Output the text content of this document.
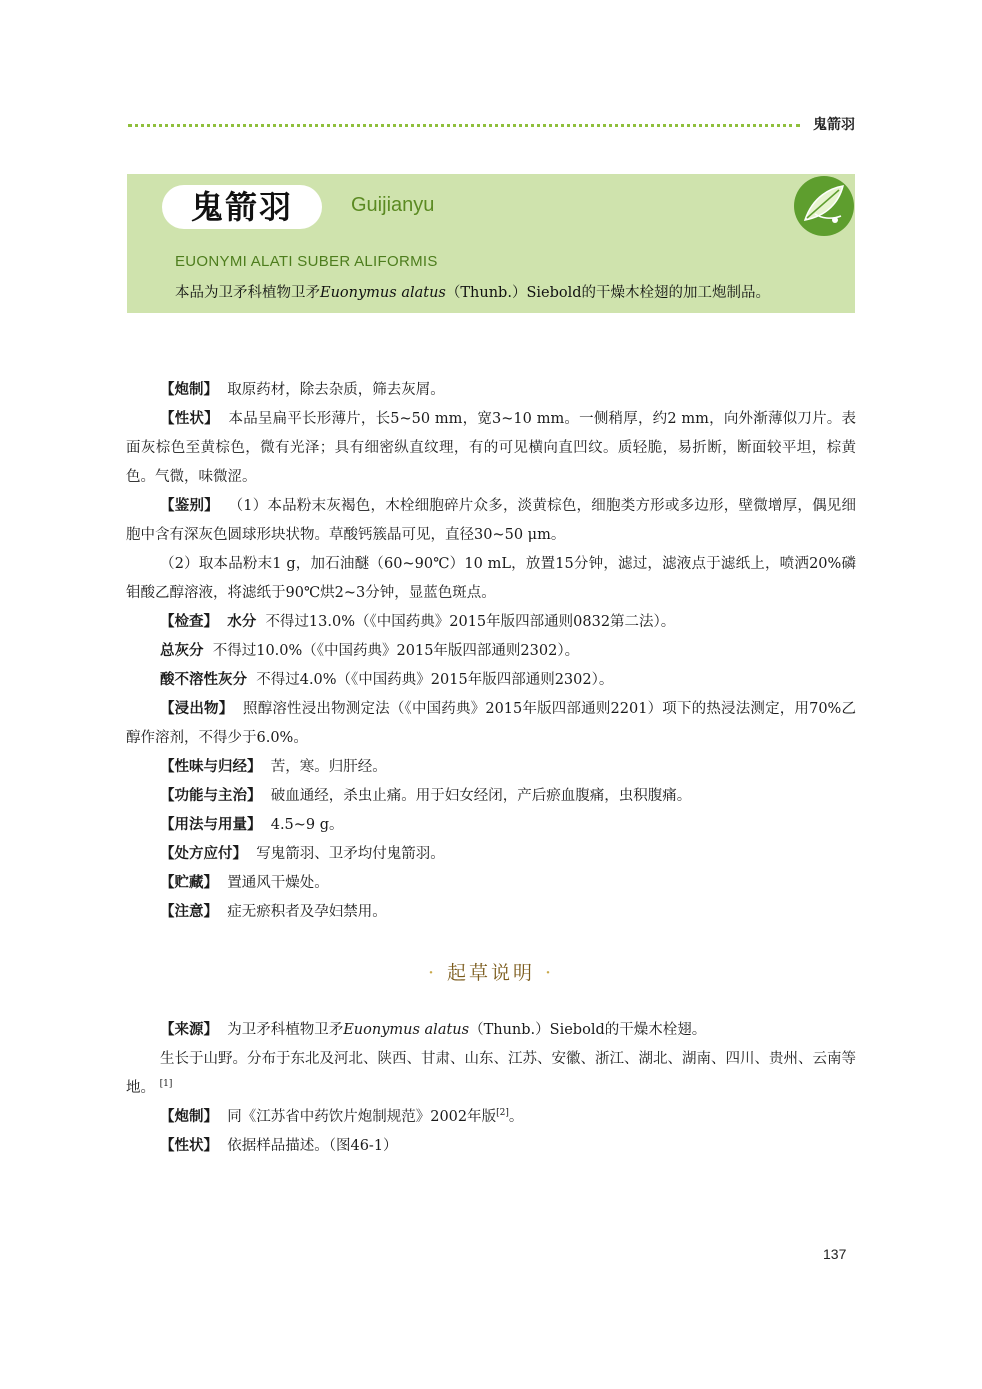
鬼箭羽
鬼箭羽	Guijianyu
EUONYMI ALATI SUBER ALIFORMIS
本品为卫矛科植物卫矛Euonymus alatus（Thunb.）Siebold的干燥木栓翅的加工炮制品。

【炮制】 取原药材，除去杂质，筛去灰屑。

【性状】 本品呈扁平长形薄片，长5~50 mm，宽3~10 mm。一侧稍厚，约2 mm，向外渐薄似刀片。表面灰棕色至黄棕色，微有光泽；具有细密纵直纹理，有的可见横向直凹纹。质轻脆，易折断，断面较平坦，棕黄色。气微，味微涩。

【鉴别】 （1）本品粉末灰褐色，木栓细胞碎片众多，淡黄棕色，细胞类方形或多边形，壁微增厚，偶见细胞中含有深灰色圆球形块状物。草酸钙簇晶可见，直径30~50 μm。

（2）取本品粉末1 g，加石油醚（60~90℃）10 mL，放置15分钟，滤过，滤液点于滤纸上，喷洒20%磷钼酸乙醇溶液，将滤纸于90℃烘2~3分钟，显蓝色斑点。

【检查】 水分 不得过13.0%（《中国药典》2015年版四部通则0832第二法）。

总灰分 不得过10.0%（《中国药典》2015年版四部通则2302）。

酸不溶性灰分 不得过4.0%（《中国药典》2015年版四部通则2302）。

【浸出物】 照醇溶性浸出物测定法（《中国药典》2015年版四部通则2201）项下的热浸法测定，用70%乙醇作溶剂，不得少于6.0%。

【性味与归经】 苦，寒。归肝经。

【功能与主治】 破血通经，杀虫止痛。用于妇女经闭，产后瘀血腹痛，虫积腹痛。

【用法与用量】 4.5~9 g。

【处方应付】 写鬼箭羽、卫矛均付鬼箭羽。

【贮藏】 置通风干燥处。

【注意】 症无瘀积者及孕妇禁用。

· 起草说明 ·

【来源】 为卫矛科植物卫矛Euonymus alatus（Thunb.）Siebold的干燥木栓翅。

生长于山野。分布于东北及河北、陕西、甘肃、山东、江苏、安徽、浙江、湖北、湖南、四川、贵州、云南等地。 [1]

【炮制】 同《江苏省中药饮片炮制规范》2002年版[2]。

【性状】 依据样品描述。（图46-1）

137
